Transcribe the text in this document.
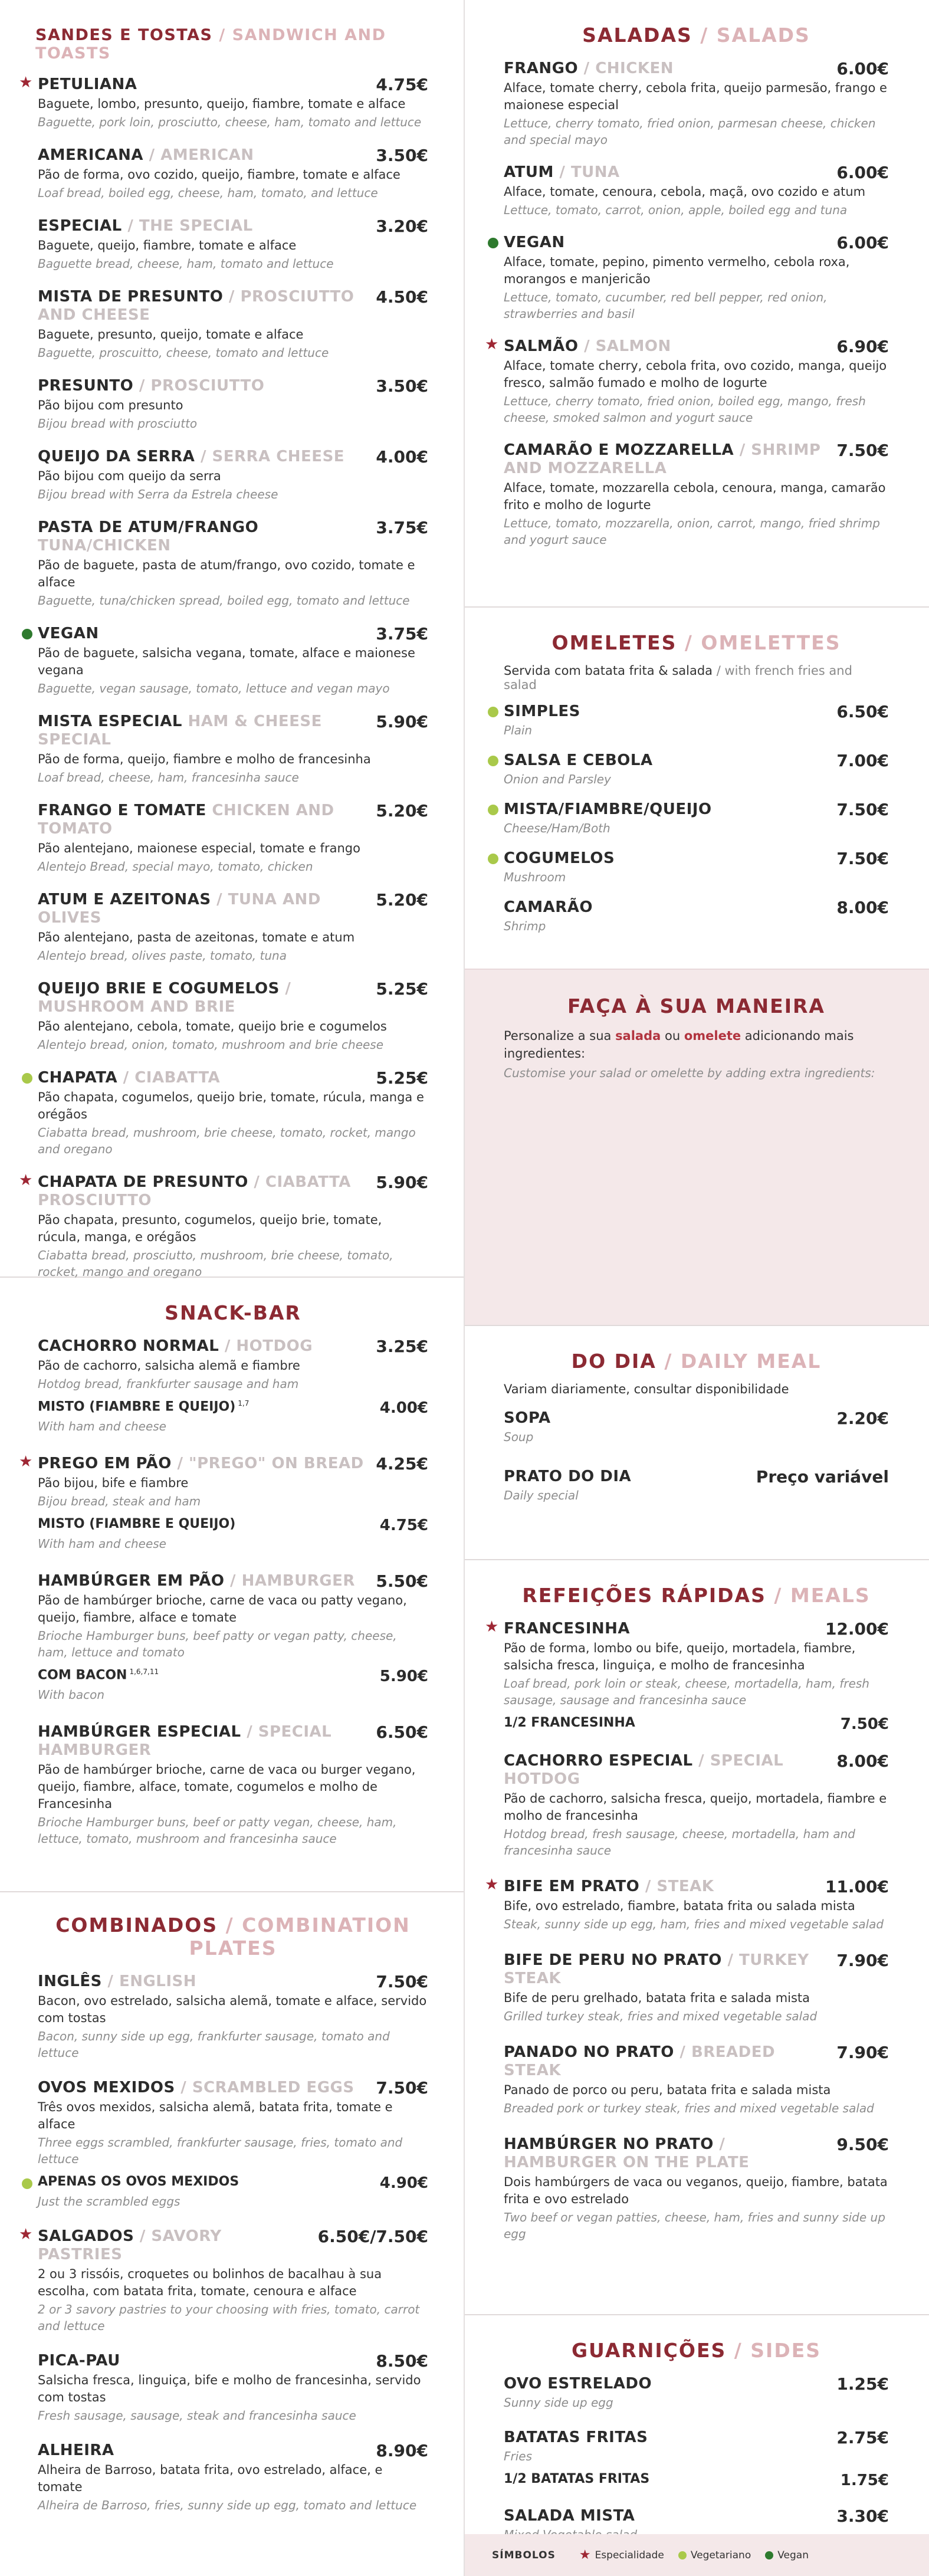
SANDES E TOSTAS / SANDWICH AND TOASTS
★ PETULIANA	4.75€
Baguete, lombo, presunto, queijo, fiambre, tomate e alface
Baguette, pork loin, prosciutto, cheese, ham, tomato and lettuce
AMERICANA / AMERICAN	3.50€
Pão de forma, ovo cozido, queijo, fiambre, tomate e alface
Loaf bread, boiled egg, cheese, ham, tomato, and lettuce
ESPECIAL / THE SPECIAL	3.20€
Baguete, queijo, fiambre, tomate e alface
Baguette bread, cheese, ham, tomato and lettuce
MISTA DE PRESUNTO / PROSCIUTTO AND CHEESE
4.50€
Baguete, presunto, queijo, tomate e alface
Baguette, proscuitto, cheese, tomato and lettuce
PRESUNTO / PROSCIUTTO	3.50€
Pão bijou com presunto
Bijou bread with prosciutto
QUEIJO DA SERRA / SERRA CHEESE	4.00€
Pão bijou com queijo da serra
Bijou bread with Serra da Estrela cheese
PASTA DE ATUM/FRANGO TUNA/CHICKEN
3.75€
Pão de baguete, pasta de atum/frango, ovo cozido, tomate e alface
Baguette, tuna/chicken spread, boiled egg, tomato and lettuce
VEGAN	3.75€
Pão de baguete, salsicha vegana, tomate, alface e maionese vegana
Baguette, vegan sausage, tomato, lettuce and vegan mayo
MISTA ESPECIAL HAM & CHEESE SPECIAL
5.90€
Pão de forma, queijo, fiambre e molho de francesinha
Loaf bread, cheese, ham, francesinha sauce
FRANGO E TOMATE CHICKEN AND TOMATO
5.20€
Pão alentejano, maionese especial, tomate e frango
Alentejo Bread, special mayo, tomato, chicken
ATUM E AZEITONAS / TUNA AND OLIVES
5.20€
Pão alentejano, pasta de azeitonas, tomate e atum
Alentejo bread, olives paste, tomato, tuna
QUEIJO BRIE E COGUMELOS / MUSHROOM AND BRIE
5.25€
Pão alentejano, cebola, tomate, queijo brie e cogumelos
Alentejo bread, onion, tomato, mushroom and brie cheese
CHAPATA / CIABATTA	5.25€
Pão chapata, cogumelos, queijo brie, tomate, rúcula, manga e orégãos
Ciabatta bread, mushroom, brie cheese, tomato, rocket, mango and oregano
★ CHAPATA DE PRESUNTO / CIABATTA PROSCIUTTO
5.90€
Pão chapata, presunto, cogumelos, queijo brie, tomate, rúcula, manga, e orégãos
Ciabatta bread, prosciutto, mushroom, brie cheese, tomato, rocket, mango and oregano
SNACK-BAR
CACHORRO NORMAL / HOTDOG	3.25€
Pão de cachorro, salsicha alemã e fiambre
Hotdog bread, frankfurter sausage and ham
MISTO (FIAMBRE E QUEIJO) $^{1,7}$	4.00€
With ham and cheese
★ PREGO EM PÃO / "PREGO" ON BREAD 4.25€
Pão bijou, bife e fiambre
Bijou bread, steak and ham
MISTO (FIAMBRE E QUEIJO)	4.75€
With ham and cheese
HAMBÚRGER EM PÃO / HAMBURGER	5.50€
Pão de hambúrger brioche, carne de vaca ou patty vegano, queijo, fiambre, alface e tomate
Brioche Hamburger buns, beef patty or vegan patty, cheese, ham, lettuce and tomato
COM BACON $^{1,6,7,11}$	5.90€
With bacon
HAMBÚRGER ESPECIAL / SPECIAL HAMBURGER
6.50€
Pão de hambúrger brioche, carne de vaca ou burger vegano, queijo, fiambre, alface, tomate, cogumelos e molho de Francesinha
Brioche Hamburger buns, beef or patty vegan, cheese, ham, lettuce, tomato, mushroom and francesinha sauce
COMBINADOS / COMBINATION PLATES
INGLÊS / ENGLISH	7.50€
Bacon, ovo estrelado, salsicha alemã, tomate e alface, servido com tostas
Bacon, sunny side up egg, frankfurter sausage, tomato and lettuce
OVOS MEXIDOS / SCRAMBLED EGGS	7.50€
Três ovos mexidos, salsicha alemã, batata frita, tomate e alface
Three eggs scrambled, frankfurter sausage, fries, tomato and lettuce
APENAS OS OVOS MEXIDOS	4.90€
Just the scrambled eggs
★ SALGADOS / SAVORY PASTRIES
6.50€/7.50€
2 ou 3 rissóis, croquetes ou bolinhos de bacalhau à sua escolha, com batata frita, tomate, cenoura e alface
2 or 3 savory pastries to your choosing with fries, tomato, carrot and lettuce
PICA-PAU	8.50€
Salsicha fresca, linguiça, bife e molho de francesinha, servido com tostas
Fresh sausage, sausage, steak and francesinha sauce
ALHEIRA	8.90€
Alheira de Barroso, batata frita, ovo estrelado, alface, e tomate
Alheira de Barroso, fries, sunny side up egg, tomato and lettuce
SALADAS / SALADS
FRANGO / CHICKEN	6.00€
Alface, tomate cherry, cebola frita, queijo parmesão, frango e maionese especial
Lettuce, cherry tomato, fried onion, parmesan cheese, chicken and special mayo
ATUM / TUNA	6.00€
Alface, tomate, cenoura, cebola, maçã, ovo cozido e atum
Lettuce, tomato, carrot, onion, apple, boiled egg and tuna
VEGAN	6.00€
Alface, tomate, pepino, pimento vermelho, cebola roxa, morangos e manjericão
Lettuce, tomato, cucumber, red bell pepper, red onion, strawberries and basil
★ SALMÃO / SALMON	6.90€
Alface, tomate cherry, cebola frita, ovo cozido, manga, queijo fresco, salmão fumado e molho de Iogurte
Lettuce, cherry tomato, fried onion, boiled egg, mango, fresh cheese, smoked salmon and yogurt sauce
CAMARÃO E MOZZARELLA / SHRIMP AND MOZZARELLA
7.50€
Alface, tomate, mozzarella cebola, cenoura, manga, camarão frito e molho de Iogurte
Lettuce, tomato, mozzarella, onion, carrot, mango, fried shrimp and yogurt sauce
OMELETES / OMELETTES

Servida com batata frita & salada / with french fries and salad

SIMPLES	6.50€
Plain
SALSA E CEBOLA	7.00€
Onion and Parsley
MISTA/FIAMBRE/QUEIJO	7.50€
Cheese/Ham/Both
COGUMELOS	7.50€
Mushroom
CAMARÃO	8.00€
Shrimp
FAÇA À SUA MANEIRA

Personalize a sua salada ou omelete adicionando mais ingredientes:

Customise your salad or omelette by adding extra ingredients:
DO DIA / DAILY MEAL

Variam diariamente, consultar disponibilidade

SOPA	2.20€
Soup
PRATO DO DIA	Preço variável
Daily special
REFEIÇÕES RÁPIDAS / MEALS
★ FRANCESINHA	12.00€
Pão de forma, lombo ou bife, queijo, mortadela, fiambre, salsicha fresca, linguiça, e molho de francesinha
Loaf bread, pork loin or steak, cheese, mortadella, ham, fresh sausage, sausage and francesinha sauce
1/2 FRANCESINHA	7.50€
CACHORRO ESPECIAL / SPECIAL HOTDOG
8.00€
Pão de cachorro, salsicha fresca, queijo, mortadela, fiambre e molho de francesinha
Hotdog bread, fresh sausage, cheese, mortadella, ham and francesinha sauce
★ BIFE EM PRATO / STEAK	11.00€
Bife, ovo estrelado, fiambre, batata frita ou salada mista
Steak, sunny side up egg, ham, fries and mixed vegetable salad
BIFE DE PERU NO PRATO / TURKEY STEAK
7.90€
Bife de peru grelhado, batata frita e salada mista
Grilled turkey steak, fries and mixed vegetable salad
PANADO NO PRATO / BREADED STEAK
7.90€
Panado de porco ou peru, batata frita e salada mista
Breaded pork or turkey steak, fries and mixed vegetable salad
HAMBÚRGER NO PRATO / HAMBURGER ON THE PLATE
9.50€
Dois hambúrgers de vaca ou veganos, queijo, fiambre, batata frita e ovo estrelado
Two beef or vegan patties, cheese, ham, fries and sunny side up egg
GUARNIÇÕES / SIDES
OVO ESTRELADO	1.25€
Sunny side up egg
BATATAS FRITAS	2.75€
Fries
1/2 BATATAS FRITAS	1.75€
SALADA MISTA	3.30€
SÍMBOLOS ★ Especialidade	Vegetariano	Vegan
